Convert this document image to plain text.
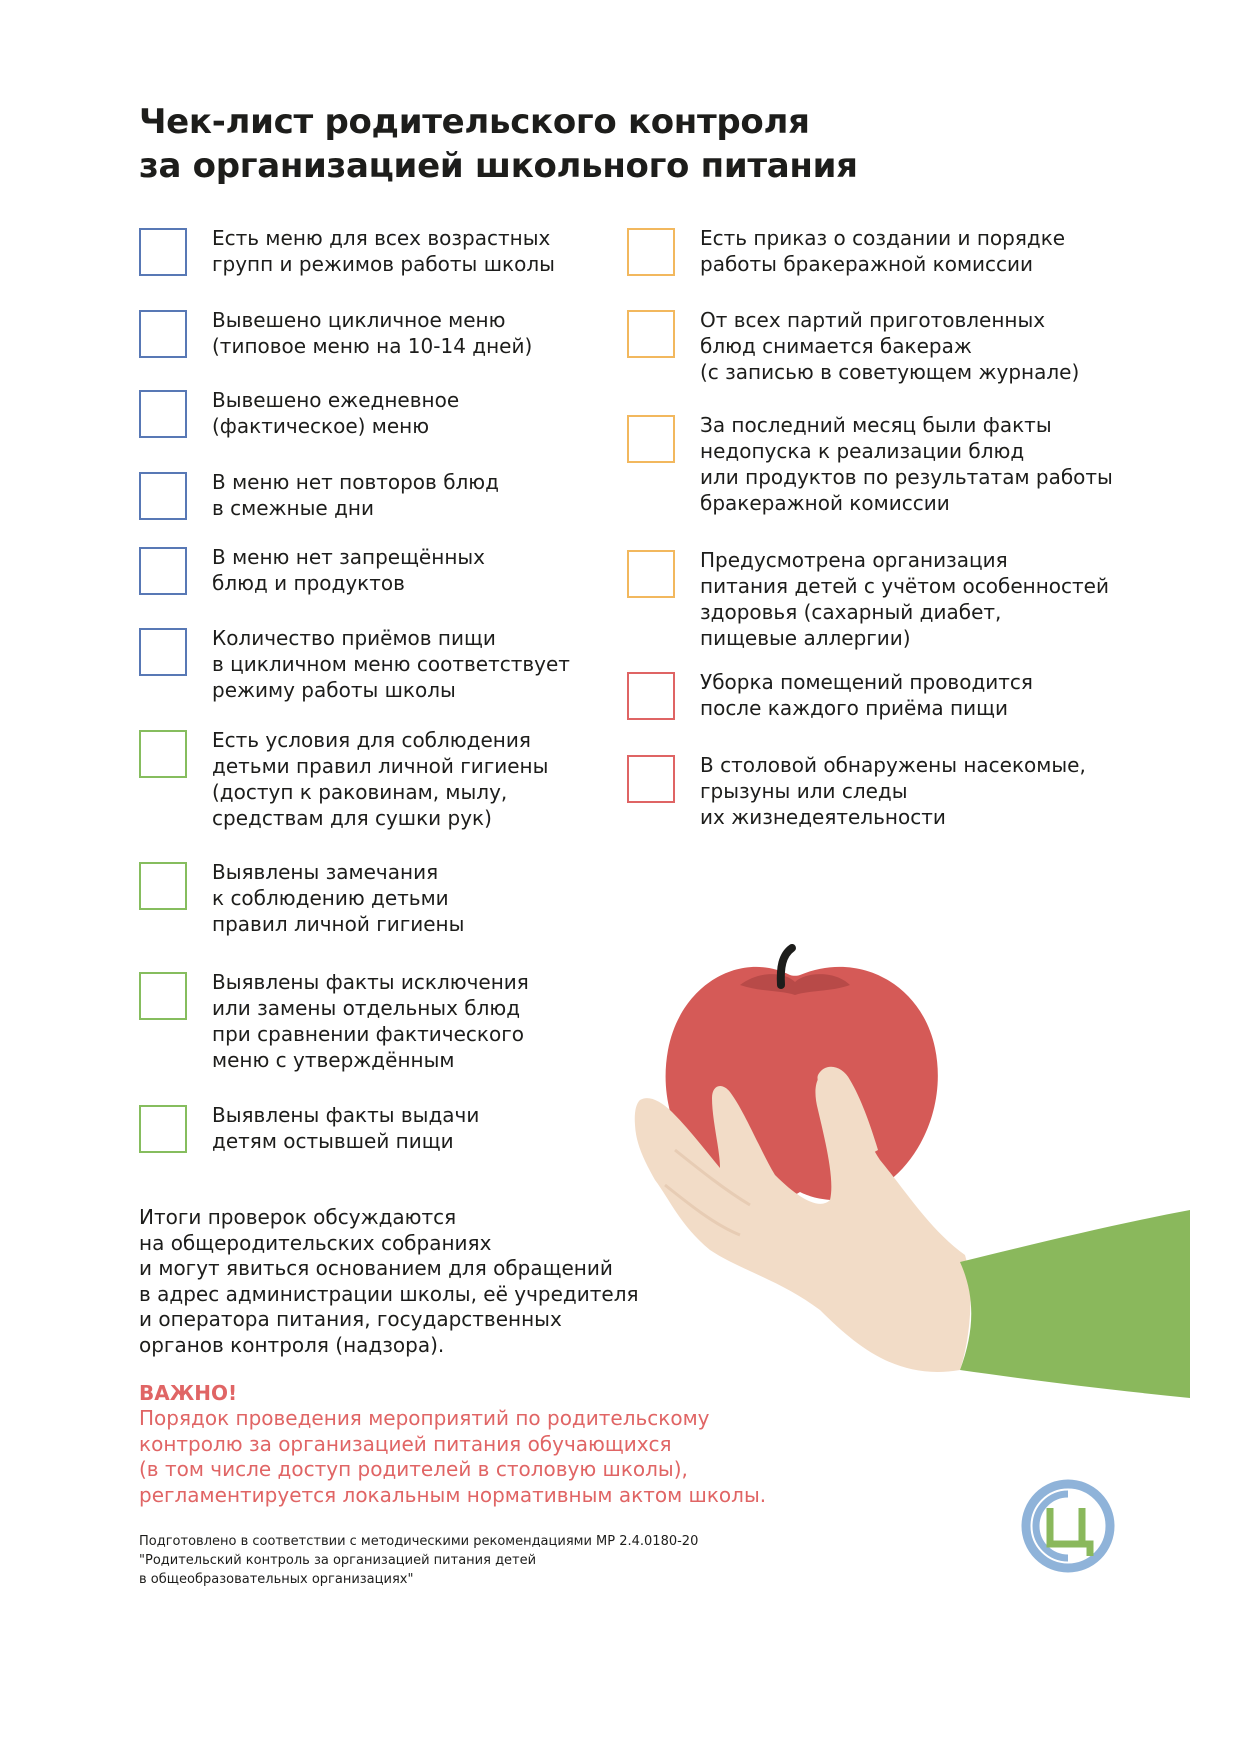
Чек-лист родительского контроля
за организацией школьного питания

Есть меню для всех возрастных
групп и режимов работы школы

Вывешено цикличное меню
(типовое меню на 10-14 дней)

Вывешено ежедневное
(фактическое) меню

В меню нет повторов блюд
в смежные дни

В меню нет запрещённых
блюд и продуктов

Количество приёмов пищи
в цикличном меню соответствует
режиму работы школы

Есть условия для соблюдения
детьми правил личной гигиены
(доступ к раковинам, мылу,
средствам для сушки рук)

Выявлены замечания
к соблюдению детьми
правил личной гигиены

Выявлены факты исключения
или замены отдельных блюд
при сравнении фактического
меню с утверждённым

Выявлены факты выдачи
детям остывшей пищи

Есть приказ о создании и порядке
работы бракеражной комиссии

От всех партий приготовленных
блюд снимается бакераж
(с записью в советующем журнале)

За последний месяц были факты
недопуска к реализации блюд
или продуктов по результатам работы
бракеражной комиссии

Предусмотрена организация
питания детей с учётом особенностей
здоровья (сахарный диабет,
пищевые аллергии)

Уборка помещений проводится
после каждого приёма пищи

В столовой обнаружены насекомые,
грызуны или следы
их жизнедеятельности

Итоги проверок обсуждаются
на общеродительских собраниях
и могут явиться основанием для обращений
в адрес администрации школы, её учредителя
и оператора питания, государственных
органов контроля (надзора).
ВАЖНО!
Порядок проведения мероприятий по родительскому
контролю за организацией питания обучающихся
(в том числе доступ родителей в столовую школы),
регламентируется локальным нормативным актом школы.
Подготовлено в соответствии с методическими рекомендациями МР 2.4.0180-20
"Родительский контроль за организацией питания детей
в общеобразовательных организациях"
Ц
